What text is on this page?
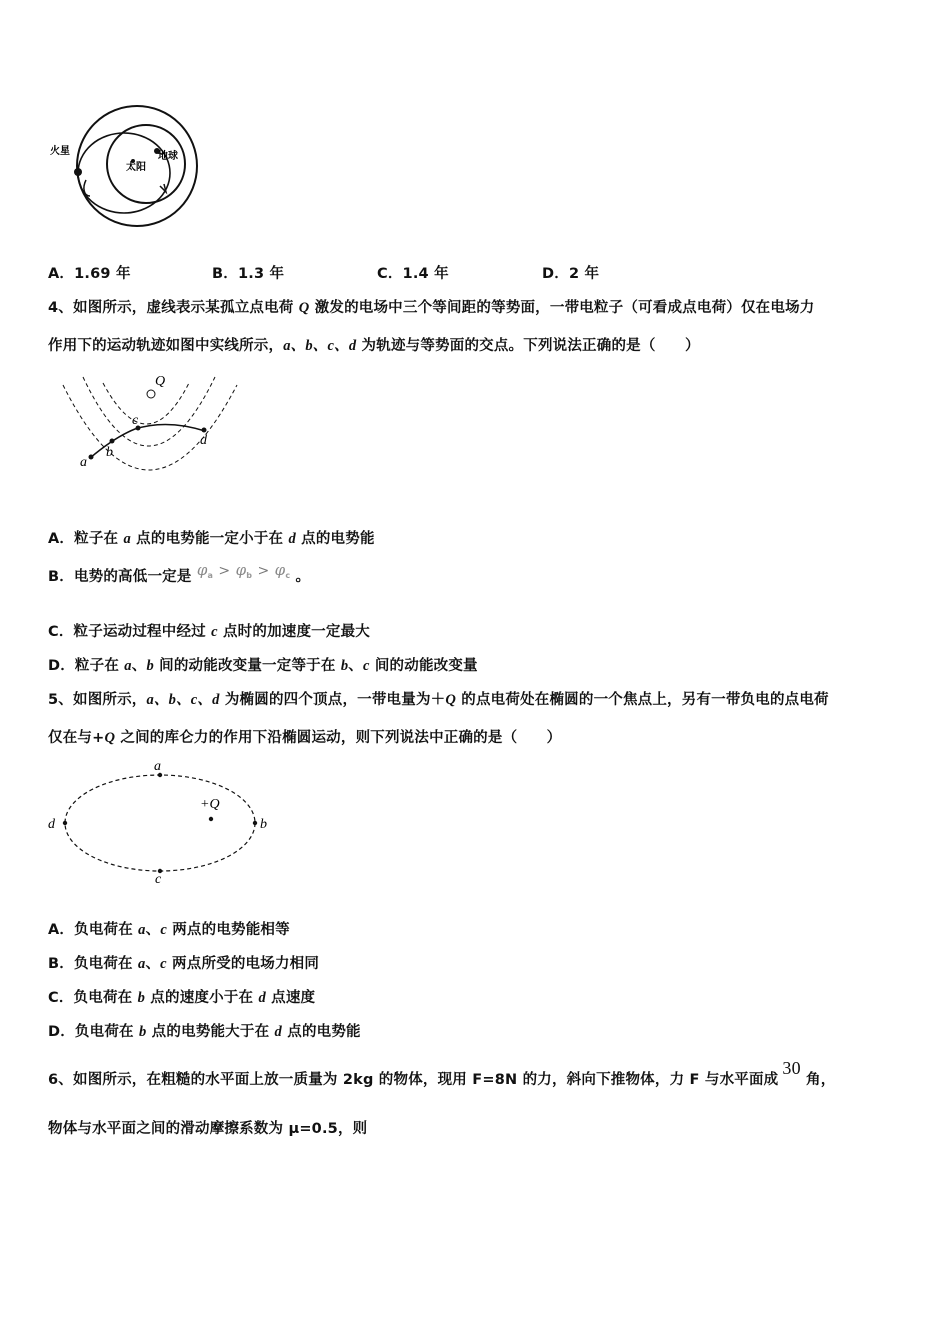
火星
太阳
地球
A．1.69 年	B．1.3 年	C．1.4 年	D．2 年
4、如图所示，虚线表示某孤立点电荷 Q 激发的电场中三个等间距的等势面，一带电粒子（可看成点电荷）仅在电场力
作用下的运动轨迹如图中实线所示，a、b、c、d 为轨迹与等势面的交点。下列说法正确的是（　　）
Q
a
b
c
d
A．粒子在 a 点的电势能一定小于在 d 点的电势能
B．电势的高低一定是 $\varphi_a > \varphi_b > \varphi_c$ 。
C．粒子运动过程中经过 c 点时的加速度一定最大
D．粒子在 a、b 间的动能改变量一定等于在 b、c 间的动能改变量
5、如图所示，a、b、c、d 为椭圆的四个顶点，一带电量为＋Q 的点电荷处在椭圆的一个焦点上，另有一带负电的点电荷
仅在与+Q 之间的库仑力的作用下沿椭圆运动，则下列说法中正确的是（　　）
a
b
c
d
+Q
A．负电荷在 a、c 两点的电势能相等
B．负电荷在 a、c 两点所受的电场力相同
C．负电荷在 b 点的速度小于在 d 点速度
D．负电荷在 b 点的电势能大于在 d 点的电势能
6、如图所示，在粗糙的水平面上放一质量为 2kg 的物体，现用 F=8N 的力，斜向下推物体，力 F 与水平面成30 角，
物体与水平面之间的滑动摩擦系数为 μ=0.5，则
